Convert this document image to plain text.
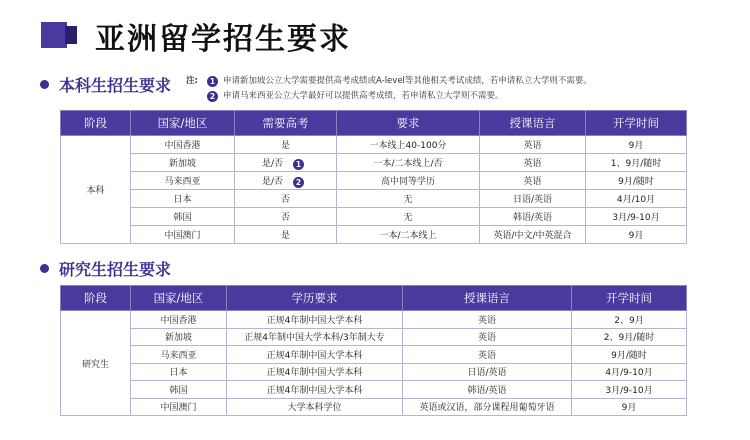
亚洲留学招生要求
本科生招生要求 注:	1 申请新加坡公立大学需要提供高考成绩或A-level等其他相关考试成绩，若申请私立大学则不需要。
2 申请马来西亚公立大学最好可以提供高考成绩，若申请私立大学则不需要。
阶段	国家/地区	需要高考	要求	授课语言	开学时间
本科	中国香港	是	一本线上40-100分	英语	9月
	新加坡	是/否 1	一本/二本线上/否	英语	1、9月/随时
	马来西亚	是/否 2	高中同等学历	英语	9月/随时
	日本	否	无	日语/英语	4月/10月
	韩国	否	无	韩语/英语	3月/9-10月
	中国澳门	是	一本/二本线上	英语/中文/中英混合	9月
研究生招生要求
阶段	国家/地区	学历要求	授课语言	开学时间
研究生	中国香港	正规4年制中国大学本科	英语	2、9月
	新加坡	正规4年制中国大学本科/3年制大专	英语	2、9月/随时
	马来西亚	正规4年制中国大学本科	英语	9月/随时
	日本	正规4年制中国大学本科	日语/英语	4月/9-10月
	韩国	正规4年制中国大学本科	韩语/英语	3月/9-10月
	中国澳门	大学本科学位	英语或汉语，部分课程用葡萄牙语	9月
